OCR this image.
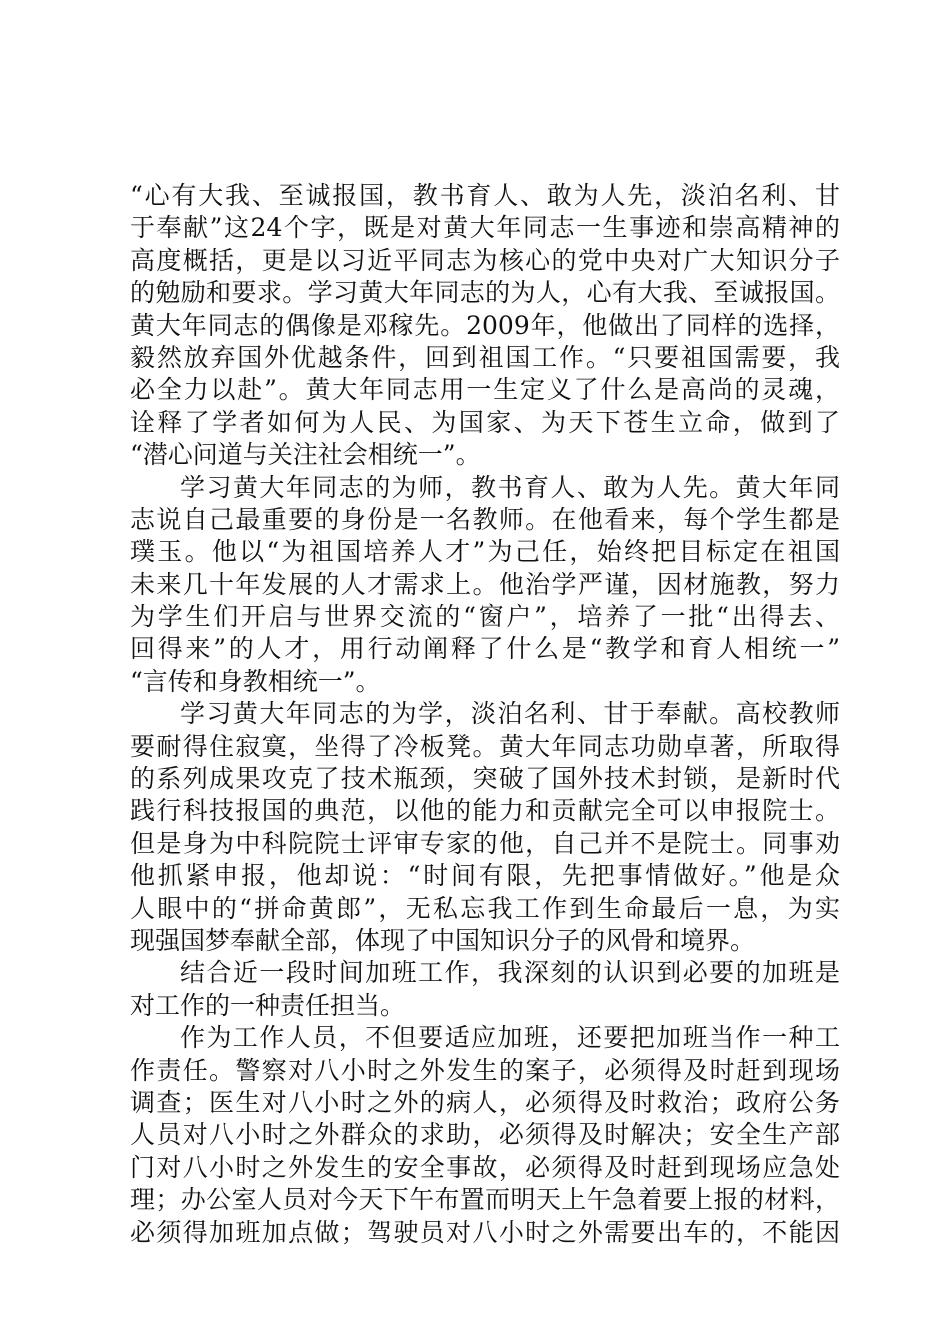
“心有大我、至诚报国，教书育人、敢为人先，淡泊名利、甘
于奉献”这24个字，既是对黄大年同志一生事迹和崇高精神的
高度概括，更是以习近平同志为核心的党中央对广大知识分子
的勉励和要求。学习黄大年同志的为人，心有大我、至诚报国。
黄大年同志的偶像是邓稼先。2009年，他做出了同样的选择，
毅然放弃国外优越条件，回到祖国工作。“只要祖国需要，我
必全力以赴”。黄大年同志用一生定义了什么是高尚的灵魂，
诠释了学者如何为人民、为国家、为天下苍生立命，做到了
“潜心问道与关注社会相统一”。
学习黄大年同志的为师，教书育人、敢为人先。黄大年同
志说自己最重要的身份是一名教师。在他看来，每个学生都是
璞玉。他以“为祖国培养人才”为己任，始终把目标定在祖国
未来几十年发展的人才需求上。他治学严谨，因材施教，努力
为学生们开启与世界交流的“窗户”，培养了一批“出得去、
回得来”的人才，用行动阐释了什么是“教学和育人相统一”
“言传和身教相统一”。
学习黄大年同志的为学，淡泊名利、甘于奉献。高校教师
要耐得住寂寞，坐得了冷板凳。黄大年同志功勋卓著，所取得
的系列成果攻克了技术瓶颈，突破了国外技术封锁，是新时代
践行科技报国的典范，以他的能力和贡献完全可以申报院士。
但是身为中科院院士评审专家的他，自己并不是院士。同事劝
他抓紧申报，他却说：“时间有限，先把事情做好。”他是众
人眼中的“拼命黄郎”，无私忘我工作到生命最后一息，为实
现强国梦奉献全部，体现了中国知识分子的风骨和境界。
结合近一段时间加班工作，我深刻的认识到必要的加班是
对工作的一种责任担当。
作为工作人员，不但要适应加班，还要把加班当作一种工
作责任。警察对八小时之外发生的案子，必须得及时赶到现场
调查；医生对八小时之外的病人，必须得及时救治；政府公务
人员对八小时之外群众的求助，必须得及时解决；安全生产部
门对八小时之外发生的安全事故，必须得及时赶到现场应急处
理；办公室人员对今天下午布置而明天上午急着要上报的材料，
必须得加班加点做；驾驶员对八小时之外需要出车的，不能因
